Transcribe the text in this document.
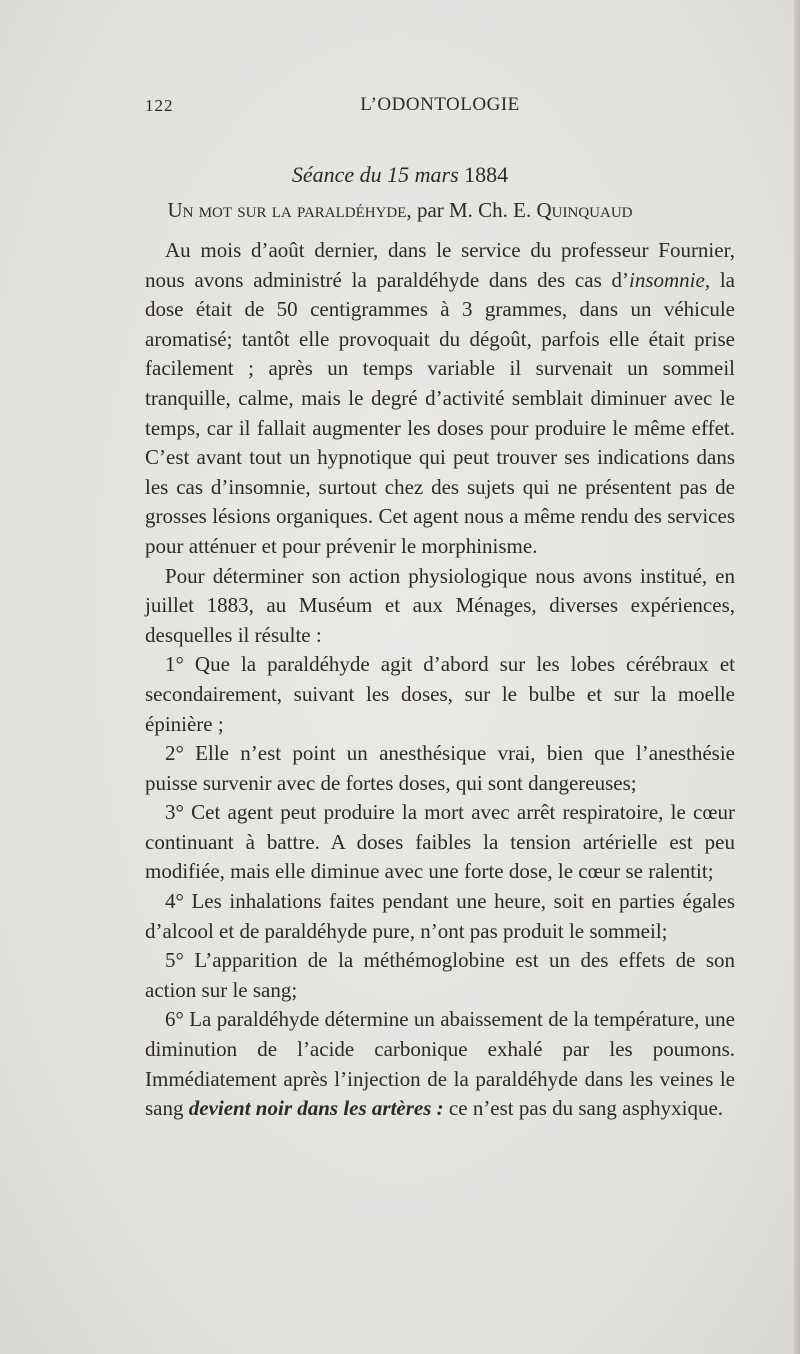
122	L’ODONTOLOGIE
Séance du 15 mars 1884
Un mot sur la paraldéhyde, par M. Ch. E. Quinquaud

Au mois d’août dernier, dans le service du professeur Fournier, nous avons administré la paraldéhyde dans des cas d’insomnie, la dose était de 50 centigrammes à 3 grammes, dans un véhicule aromatisé; tantôt elle provoquait du dégoût, parfois elle était prise facilement ; après un temps variable il survenait un sommeil tranquille, calme, mais le degré d’activité semblait diminuer avec le temps, car il fallait augmenter les doses pour produire le même effet. C’est avant tout un hypnotique qui peut trouver ses indications dans les cas d’insomnie, surtout chez des sujets qui ne présentent pas de grosses lésions organiques. Cet agent nous a même rendu des services pour atténuer et pour prévenir le morphinisme.

Pour déterminer son action physiologique nous avons institué, en juillet 1883, au Muséum et aux Ménages, diverses expériences, desquelles il résulte :

1° Que la paraldéhyde agit d’abord sur les lobes cérébraux et secondairement, suivant les doses, sur le bulbe et sur la moelle épinière ;

2° Elle n’est point un anesthésique vrai, bien que l’anesthésie puisse survenir avec de fortes doses, qui sont dangereuses;

3° Cet agent peut produire la mort avec arrêt respiratoire, le cœur continuant à battre. A doses faibles la tension artérielle est peu modifiée, mais elle diminue avec une forte dose, le cœur se ralentit;

4° Les inhalations faites pendant une heure, soit en parties égales d’alcool et de paraldéhyde pure, n’ont pas produit le sommeil;

5° L’apparition de la méthémoglobine est un des effets de son action sur le sang;

6° La paraldéhyde détermine un abaissement de la température, une diminution de l’acide carbonique exhalé par les poumons. Immédiatement après l’injection de la paraldéhyde dans les veines le sang devient noir dans les artères : ce n’est pas du sang asphyxique.
